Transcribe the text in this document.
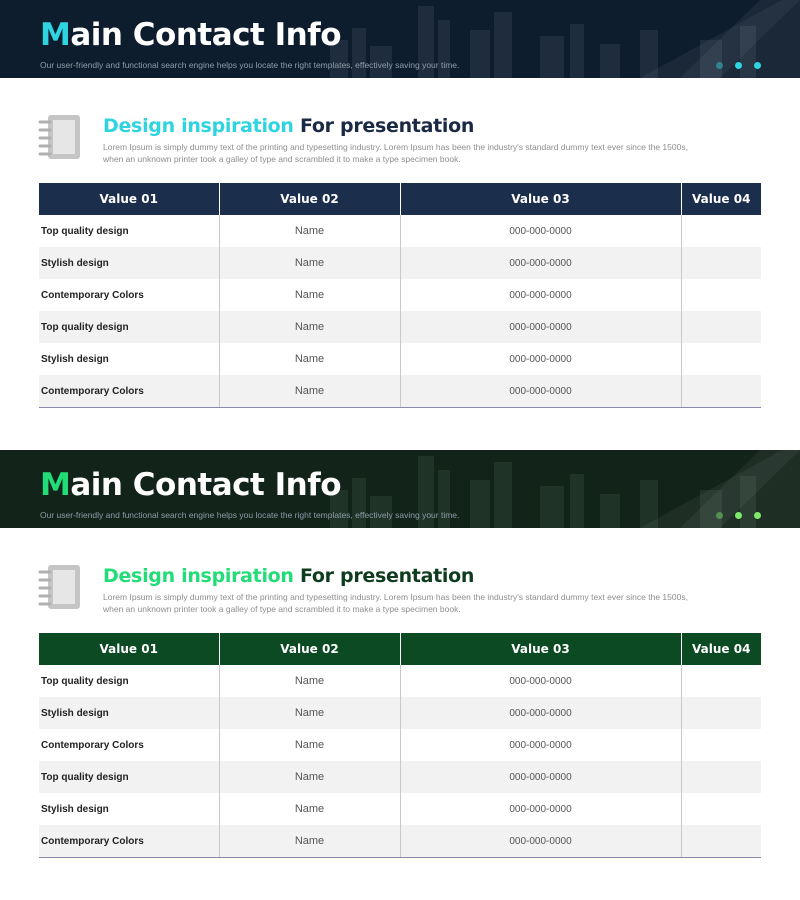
Main Contact Info
Our user-friendly and functional search engine helps you locate the right templates, effectively saving your time.
Design inspiration For presentation
Lorem Ipsum is simply dummy text of the printing and typesetting industry. Lorem Ipsum has been the industry's standard dummy text ever since the 1500s, when an unknown printer took a galley of type and scrambled it to make a type specimen book.
Value 01	Value 02	Value 03	Value 04
Top quality design	Name	000-000-0000	
Stylish design	Name	000-000-0000	
Contemporary Colors	Name	000-000-0000	
Top quality design	Name	000-000-0000	
Stylish design	Name	000-000-0000	
Contemporary Colors	Name	000-000-0000	
Main Contact Info
Our user-friendly and functional search engine helps you locate the right templates, effectively saving your time.
Design inspiration For presentation
Lorem Ipsum is simply dummy text of the printing and typesetting industry. Lorem Ipsum has been the industry's standard dummy text ever since the 1500s, when an unknown printer took a galley of type and scrambled it to make a type specimen book.
Value 01	Value 02	Value 03	Value 04
Top quality design	Name	000-000-0000	
Stylish design	Name	000-000-0000	
Contemporary Colors	Name	000-000-0000	
Top quality design	Name	000-000-0000	
Stylish design	Name	000-000-0000	
Contemporary Colors	Name	000-000-0000	
